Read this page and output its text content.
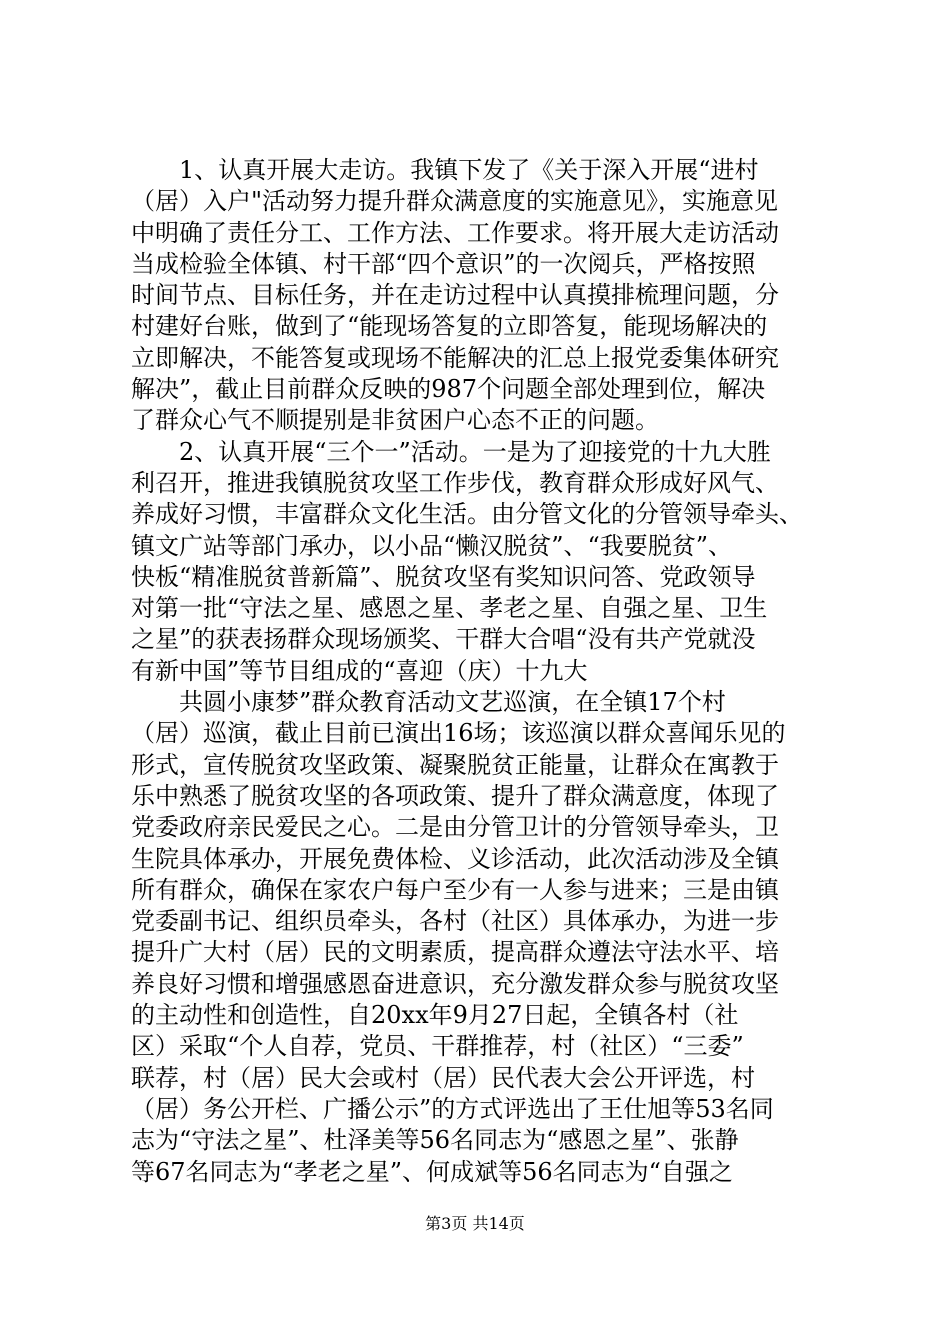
　　1、认真开展大走访。我镇下发了《关于深入开展“进村
（居）入户"活动努力提升群众满意度的实施意见》，实施意见
中明确了责任分工、工作方法、工作要求。将开展大走访活动
当成检验全体镇、村干部“四个意识”的一次阅兵，严格按照
时间节点、目标任务，并在走访过程中认真摸排梳理问题，分
村建好台账，做到了“能现场答复的立即答复，能现场解决的
立即解决，不能答复或现场不能解决的汇总上报党委集体研究
解决”，截止目前群众反映的987个问题全部处理到位，解决
了群众心气不顺提别是非贫困户心态不正的问题。
　　2、认真开展“三个一”活动。一是为了迎接党的十九大胜
利召开，推进我镇脱贫攻坚工作步伐，教育群众形成好风气、
养成好习惯，丰富群众文化生活。由分管文化的分管领导牵头、
镇文广站等部门承办，以小品“懒汉脱贫”、“我要脱贫”、
快板“精准脱贫普新篇”、脱贫攻坚有奖知识问答、党政领导
对第一批“守法之星、感恩之星、孝老之星、自强之星、卫生
之星”的获表扬群众现场颁奖、干群大合唱“没有共产党就没
有新中国”等节目组成的“喜迎（庆）十九大
　　共圆小康梦”群众教育活动文艺巡演，在全镇17个村
（居）巡演，截止目前已演出16场；该巡演以群众喜闻乐见的
形式，宣传脱贫攻坚政策、凝聚脱贫正能量，让群众在寓教于
乐中熟悉了脱贫攻坚的各项政策、提升了群众满意度，体现了
党委政府亲民爱民之心。二是由分管卫计的分管领导牵头，卫
生院具体承办，开展免费体检、义诊活动，此次活动涉及全镇
所有群众，确保在家农户每户至少有一人参与进来；三是由镇
党委副书记、组织员牵头，各村（社区）具体承办，为进一步
提升广大村（居）民的文明素质，提高群众遵法守法水平、培
养良好习惯和增强感恩奋进意识，充分激发群众参与脱贫攻坚
的主动性和创造性，自20xx年9月27日起，全镇各村（社
区）采取“个人自荐，党员、干群推荐，村（社区）“三委”
联荐，村（居）民大会或村（居）民代表大会公开评选，村
（居）务公开栏、广播公示”的方式评选出了王仕旭等53名同
志为“守法之星”、杜泽美等56名同志为“感恩之星”、张静
等67名同志为“孝老之星”、何成斌等56名同志为“自强之
第3页 共14页
